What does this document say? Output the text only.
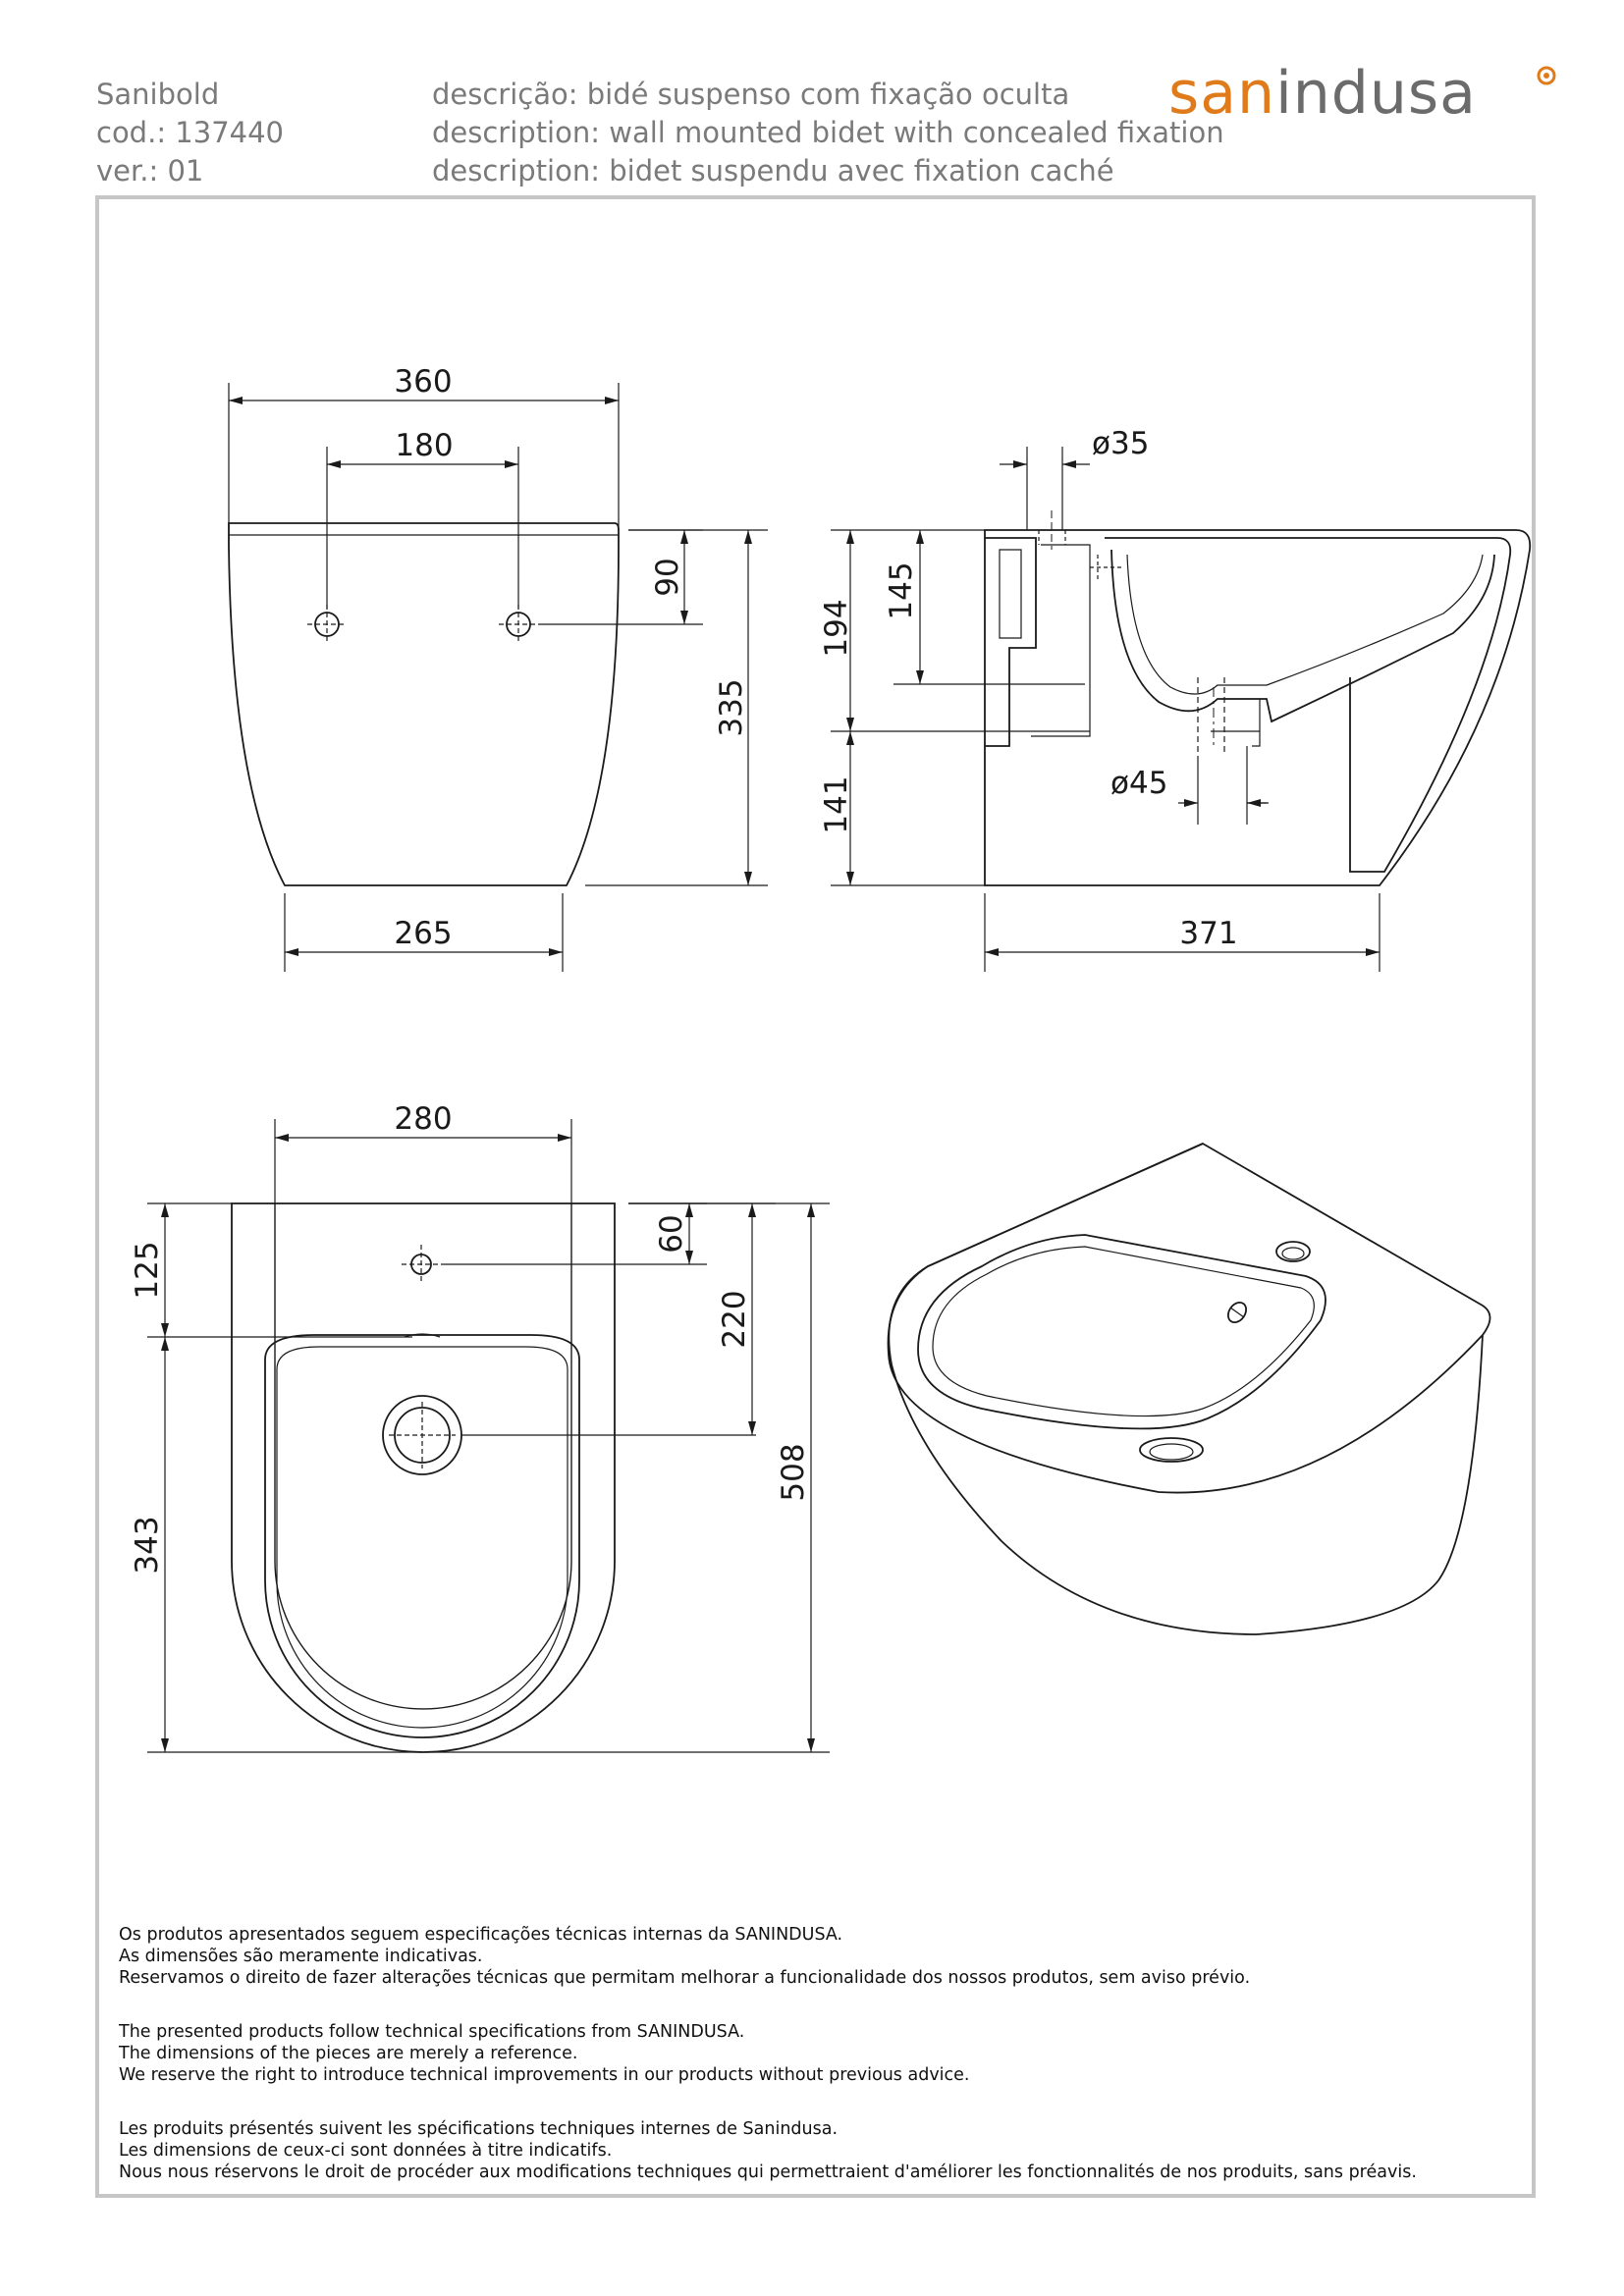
Sanibold
cod.: 137440
ver.: 01
descrição: bidé suspenso com fixação oculta
description: wall mounted bidet with concealed fixation
description: bidet suspendu avec fixation caché
sanindusa
360
180
265
90
335
ø35
ø45
371
194
145
141
280
125
343
60
220
508
Os produtos apresentados seguem especificações técnicas internas da SANINDUSA.
As dimensões são meramente indicativas.
Reservamos o direito de fazer alterações técnicas que permitam melhorar a funcionalidade dos nossos produtos, sem aviso prévio.
The presented products follow technical specifications from SANINDUSA.
The dimensions of the pieces are merely a reference.
We reserve the right to introduce technical improvements in our products without previous advice.
Les produits présentés suivent les spécifications techniques internes de Sanindusa.
Les dimensions de ceux-ci sont données à titre indicatifs.
Nous nous réservons le droit de procéder aux modifications techniques qui permettraient d'améliorer les fonctionnalités de nos produits, sans préavis.
